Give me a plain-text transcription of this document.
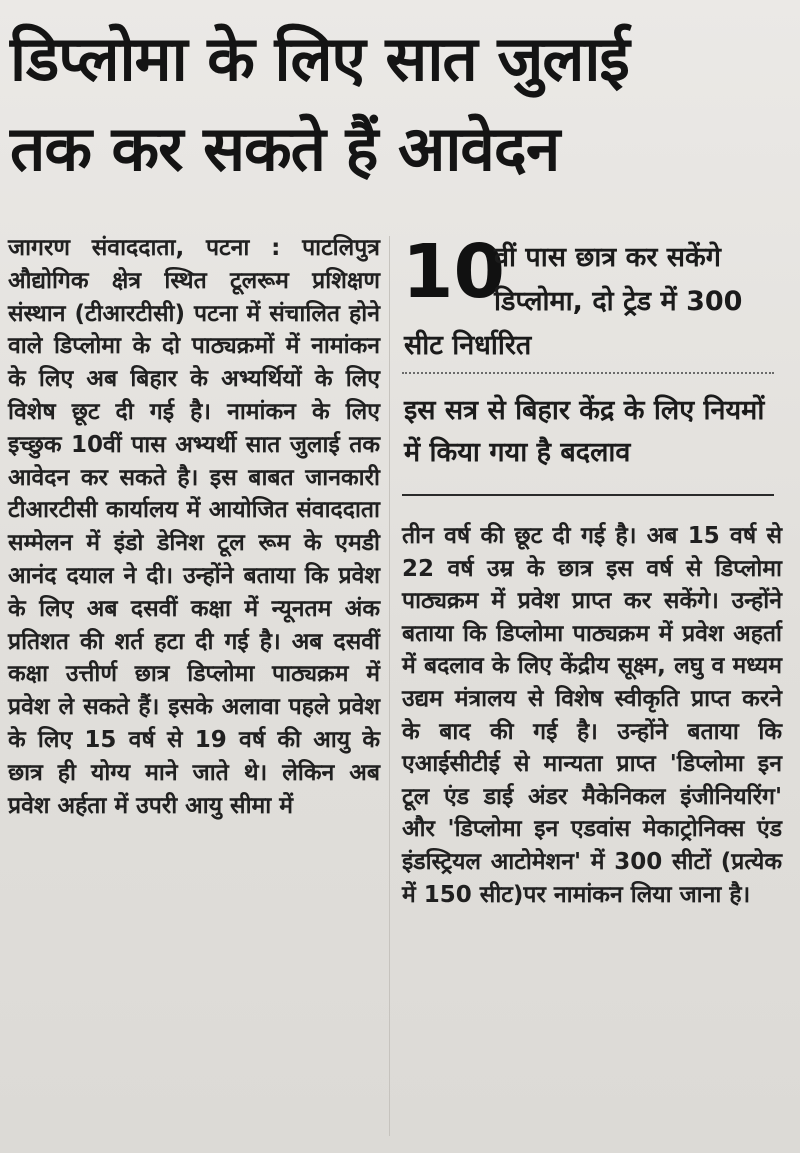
डिप्लोमा के लिए सात जुलाई
तक कर सकते हैं आवेदन
जागरण संवाददाता, पटना : पाटलिपुत्र औद्योगिक क्षेत्र स्थित टूलरूम प्रशिक्षण संस्थान (टीआरटीसी) पटना में संचालित होने वाले डिप्लोमा के दो पाठ्यक्रमों में नामांकन के लिए अब बिहार के अभ्यर्थियों के लिए विशेष छूट दी गई है। नामांकन के लिए इच्छुक 10वीं पास अभ्यर्थी सात जुलाई तक आवेदन कर सकते है। इस बाबत जानकारी टीआरटीसी कार्यालय में आयोजित संवाददाता सम्मेलन में इंडो डेनिश टूल रूम के एमडी आनंद दयाल ने दी। उन्होंने बताया कि प्रवेश के लिए अब दसवीं कक्षा में न्यूनतम अंक प्रतिशत की शर्त हटा दी गई है। अब दसवीं कक्षा उत्तीर्ण छात्र डिप्लोमा पाठ्यक्रम में प्रवेश ले सकते हैं। इसके अलावा पहले प्रवेश के लिए 15 वर्ष से 19 वर्ष की आयु के छात्र ही योग्य माने जाते थे। लेकिन अब प्रवेश अर्हता में उपरी आयु सीमा में
10
वीं पास छात्र कर सकेंगे डिप्लोमा, दो ट्रेड में 300
सीट निर्धारित
इस सत्र से बिहार केंद्र के लिए नियमों में किया गया है बदलाव
तीन वर्ष की छूट दी गई है। अब 15 वर्ष से 22 वर्ष उम्र के छात्र इस वर्ष से डिप्लोमा पाठ्यक्रम में प्रवेश प्राप्त कर सकेंगे। उन्होंने बताया कि डिप्लोमा पाठ्यक्रम में प्रवेश अहर्ता में बदलाव के लिए केंद्रीय सूक्ष्म, लघु व मध्यम उद्यम मंत्रालय से विशेष स्वीकृति प्राप्त करने के बाद की गई है। उन्होंने बताया कि एआईसीटीई से मान्यता प्राप्त 'डिप्लोमा इन टूल एंड डाई अंडर मैकेनिकल इंजीनियरिंग' और 'डिप्लोमा इन एडवांस मेकाट्रोनिक्स एंड इंडस्ट्रियल आटोमेशन' में 300 सीटों (प्रत्येक में 150 सीट)पर नामांकन लिया जाना है।
